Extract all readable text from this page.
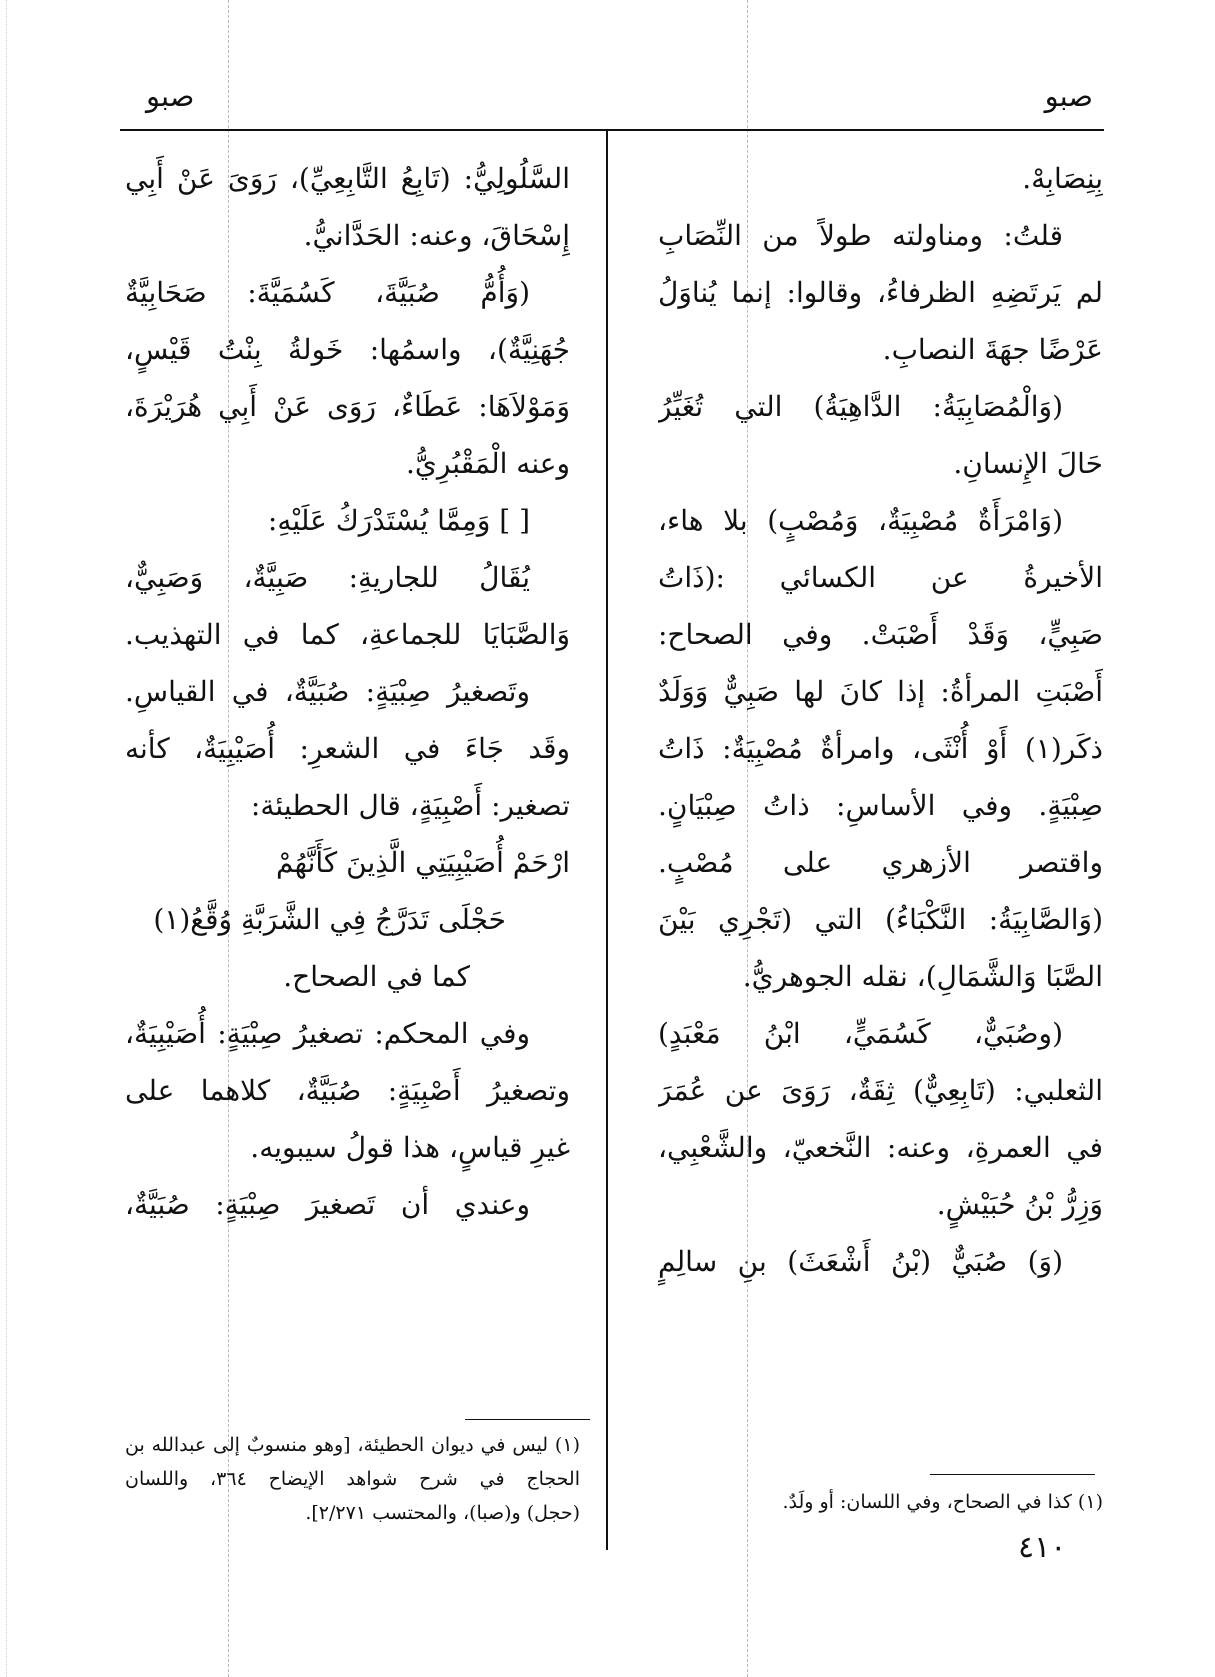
صبو
صبو
بِنِصَابِهْ.
قلتُ: ومناولته طولاً من النِّصَابِ
لم يَرتَضِهِ الظرفاءُ، وقالوا: إنما يُناوَلُ
عَرْضًا جهَةَ النصابِ.
(وَالْمُصَابِيَةُ: الدَّاهِيَةُ) التي تُغَيِّرُ
حَالَ الإِنسانِ.
(وَامْرَأَةٌ مُصْبِيَةٌ، وَمُصْبٍ) بلا هاء،
الأخيرةُ عن الكسائي :(ذَاتُ
صَبِيٍّ، وَقَدْ أَصْبَتْ. وفي الصحاح:
أَصْبَتِ المرأةُ: إذا كانَ لها صَبِيٌّ وَوَلَدٌ
ذكَر(١) أَوْ أُنْثَى، وامرأةٌ مُصْبِيَةٌ: ذَاتُ
صِبْيَةٍ. وفي الأساسِ: ذاتُ صِبْيَانٍ.
واقتصر الأزهري على مُصْبٍ.
(وَالصَّابِيَةُ: النَّكْبَاءُ) التي (تَجْرِي بَيْنَ
الصَّبَا وَالشَّمَالِ)، نقله الجوهريُّ.
(وصُبَيٌّ، كَسُمَيٍّ، ابْنُ مَعْبَدٍ)
الثعلبي: (تَابِعِيٌّ) ثِقَةٌ، رَوَىَ عن عُمَرَ
في العمرةِ، وعنه: النَّخعيّ، والشَّعْبِي،
وَزِرُّ بْنُ حُبَيْشٍ.
(وَ) صُبَيٌّ (بْنُ أَشْعَثَ) بنِ سالِمٍ
السَّلُولِيُّ: (تَابِعُ التَّابِعِيِّ)، رَوَىَ عَنْ أَبِي
إِسْحَاقَ، وعنه: الحَدَّانيُّ.
(وَأُمُّ صُبَيَّةَ، كَسُمَيَّةَ: صَحَابِيَّةٌ
جُهَنِيَّةٌ)، واسمُها: خَولةُ بِنْتُ قَيْسٍ،
وَمَوْلاَهَا: عَطَاءٌ، رَوَى عَنْ أَبِي هُرَيْرَةَ،
وعنه الْمَقْبُرِيُّ.
[ ] وَمِمَّا يُسْتَدْرَكُ عَلَيْهِ:
يُقَالُ للجاريةِ: صَبِيَّةٌ، وَصَبِيٌّ،
وَالصَّبَايَا للجماعةِ، كما في التهذيب.
وتَصغيرُ صِبْيَةٍ: صُبَيَّةٌ، في القياسِ.
وقَد جَاءَ في الشعرِ: أُصَيْبِيَةٌ، كأنه
تصغير: أَصْبِيَةٍ، قال الحطيئة:
ارْحَمْ أُصَيْبِيَتِي الَّذِينَ كَأَنَّهُمْ
حَجْلَى تَدَرَّجُ فِي الشَّرَبَّةِ وُقَّعُ(١)
كما في الصحاح.
وفي المحكم: تصغيرُ صِبْيَةٍ: أُصَيْبِيَةٌ،
وتصغيرُ أَصْبِيَةٍ: صُبَيَّةٌ، كلاهما على
غيرِ قياسٍ، هذا قولُ سيبويه.
وعندي أن تَصغيرَ صِبْيَةٍ: صُبَيَّةٌ،
(١) ليس في ديوان الحطيئة، [وهو منسوبٌ إلى عبدالله بن
الحجاج في شرح شواهد الإيضاح ٣٦٤، واللسان
(حجل) و(صبا)، والمحتسب ٢/٢٧١].	(١) كذا في الصحاح، وفي اللسان: أو ولَدٌ.
٤١٠
